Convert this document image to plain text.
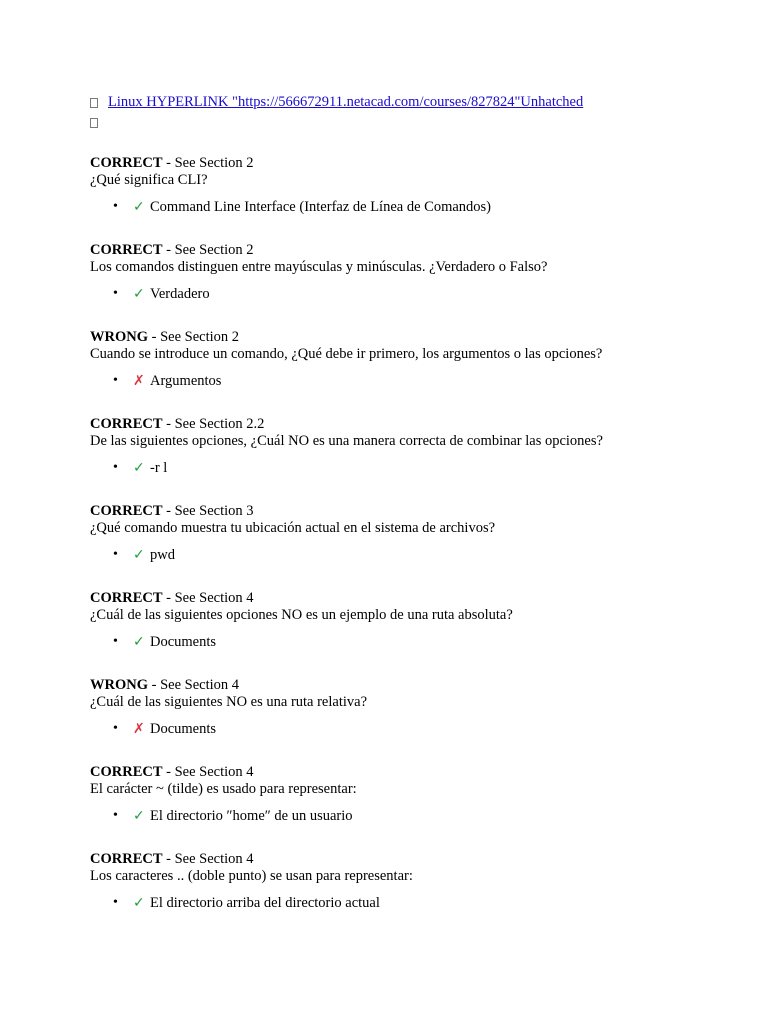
Linux HYPERLINK "https://566672911.netacad.com/courses/827824"Unhatched
CORRECT - See Section 2
¿Qué significa CLI?
•	✓ Command Line Interface (Interfaz de Línea de Comandos)
CORRECT - See Section 2
Los comandos distinguen entre mayúsculas y minúsculas. ¿Verdadero o Falso?
•	✓ Verdadero
WRONG - See Section 2
Cuando se introduce un comando, ¿Qué debe ir primero, los argumentos o las opciones?
•	✗ Argumentos
CORRECT - See Section 2.2
De las siguientes opciones, ¿Cuál NO es una manera correcta de combinar las opciones?
•	✓ -r l
CORRECT - See Section 3
¿Qué comando muestra tu ubicación actual en el sistema de archivos?
•	✓ pwd
CORRECT - See Section 4
¿Cuál de las siguientes opciones NO es un ejemplo de una ruta absoluta?
•	✓ Documents
WRONG - See Section 4
¿Cuál de las siguientes NO es una ruta relativa?
•	✗ Documents
CORRECT - See Section 4
El carácter ~ (tilde) es usado para representar:
•	✓ El directorio ″home″ de un usuario
CORRECT - See Section 4
Los caracteres .. (doble punto) se usan para representar:
•	✓ El directorio arriba del directorio actual
